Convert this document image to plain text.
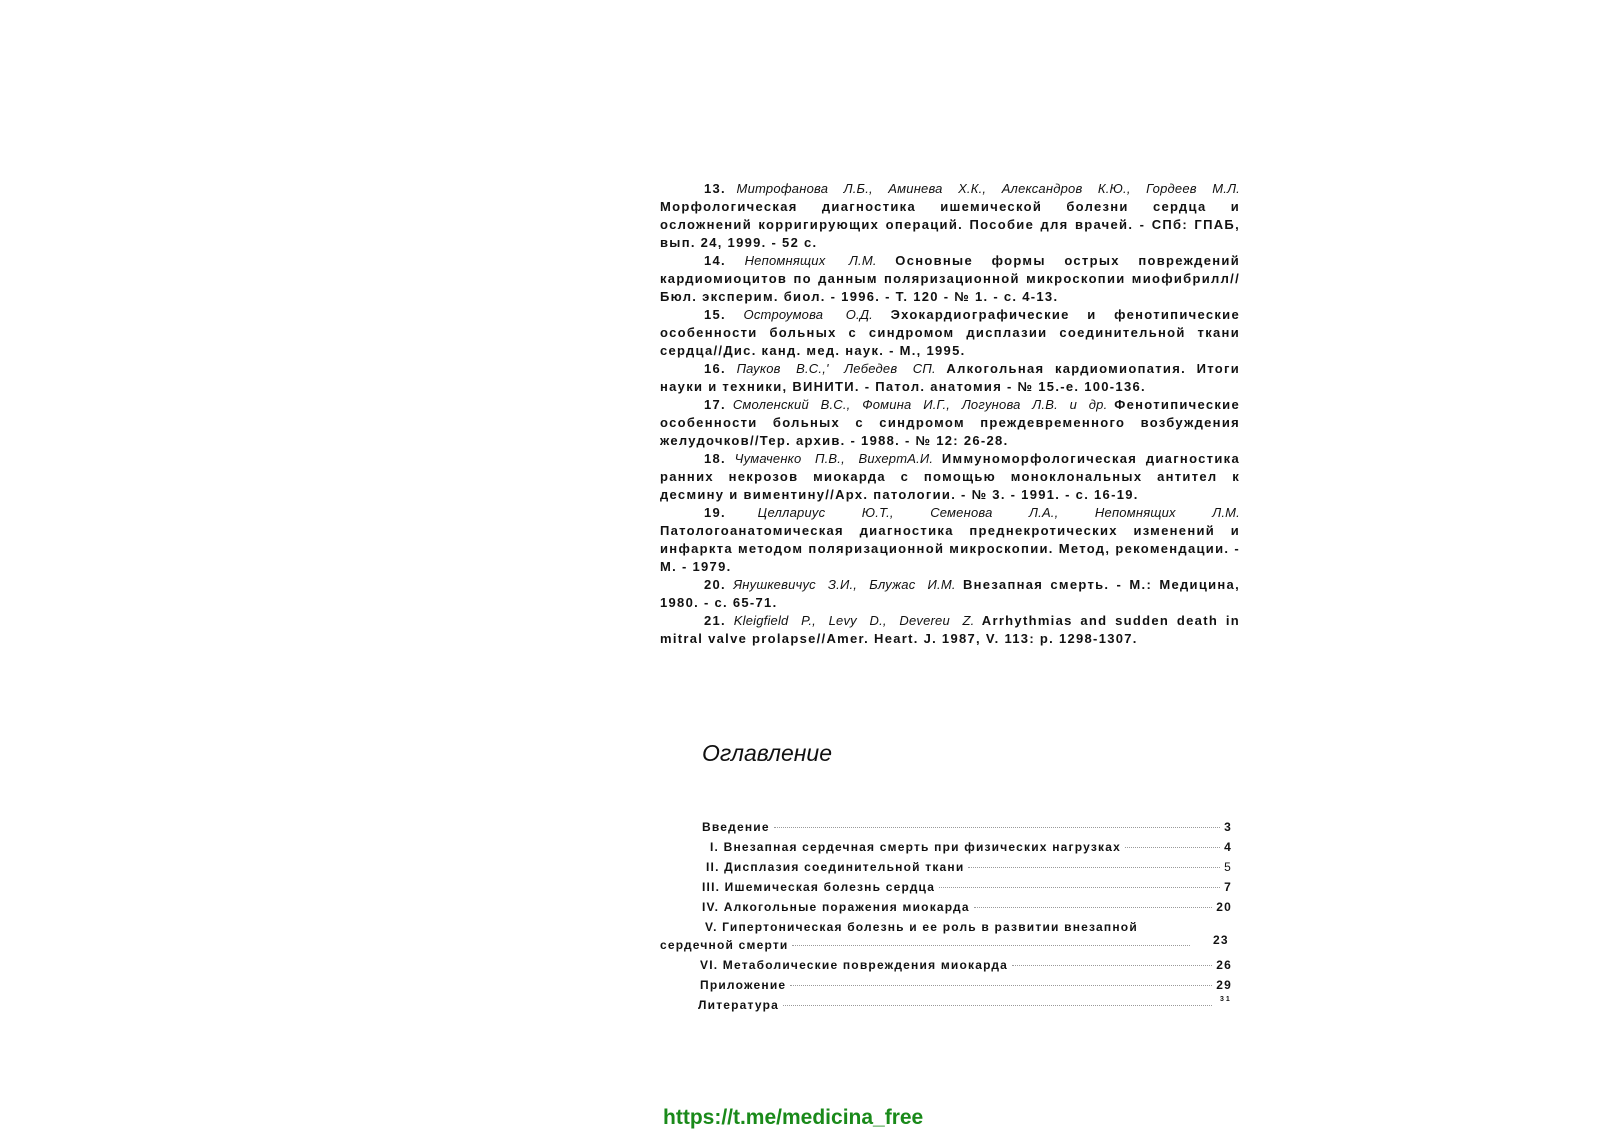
13. Митрофанова Л.Б., Аминева Х.К., Александров К.Ю., Гордеев М.Л. Морфологическая диагностика ишемической болезни сердца и осложнений корригирующих операций. Пособие для врачей. - СПб: ГПАБ, вып. 24, 1999. - 52 с.

14. Непомнящих Л.М. Основные формы острых повреждений кардиомиоцитов по данным поляризационной микроскопии миофибрилл//Бюл. эксперим. биол. - 1996. - Т. 120 - № 1. - с. 4-13.

15. Остроумова О.Д. Эхокардиографические и фенотипические особенности больных с синдромом дисплазии соединительной ткани сердца//Дис. канд. мед. наук. - М., 1995.

16. Пауков В.С.,' Лебедев СП. Алкогольная кардиомиопатия. Итоги науки и техники, ВИНИТИ. - Патол. анатомия - № 15.-е. 100-136.

17. Смоленский В.С., Фомина И.Г., Логунова Л.В. и др. Фенотипические особенности больных с синдромом преждевременного возбуждения желудочков//Тер. архив. - 1988. - № 12: 26-28.

18. Чумаченко П.В., ВихертА.И. Иммуноморфологическая диагностика ранних некрозов миокарда с помощью моноклональных антител к десмину и виментину//Арх. патологии. - № 3. - 1991. - с. 16-19.

19. Целлариус Ю.Т., Семенова Л.А., Непомнящих Л.М. Патологоанатомическая диагностика преднекротических изменений и инфаркта методом поляризационной микроскопии. Метод, рекомендации. - М. - 1979.

20. Янушкевичус З.И., Блужас И.М. Внезапная смерть. - М.: Медицина, 1980. - с. 65-71.

21. Kleigfield P., Levy D., Devereu Z. Arrhythmias and sudden death in mitral valve prolapse//Amer. Heart. J. 1987, V. 113: p. 1298-1307.

Оглавление
Введение	3
I. Внезапная сердечная смерть при физических нагрузках	4
II. Дисплазия соединительной ткани	5
III. Ишемическая болезнь сердца	7
IV. Алкогольные поражения миокарда	20
V. Гипертоническая болезнь и ее роль в развитии внезапной
сердечной смерти	23
VI. Метаболические повреждения миокарда	26
Приложение	29
Литература	31
https://t.me/medicina_free
